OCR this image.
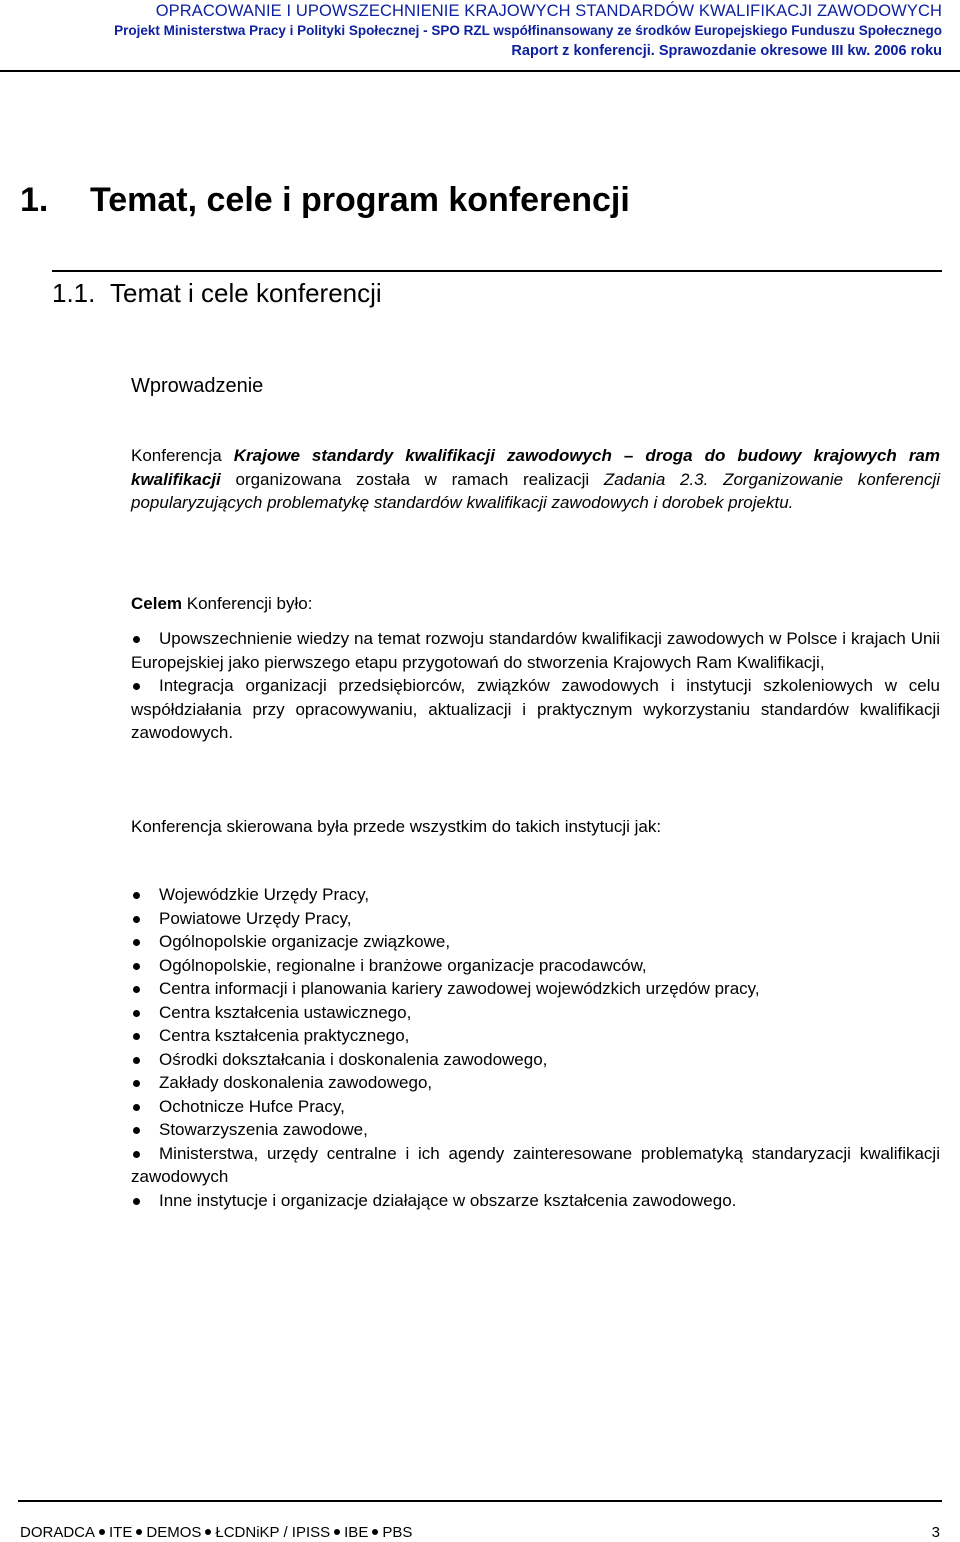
OPRACOWANIE I UPOWSZECHNIENIE KRAJOWYCH STANDARDÓW KWALIFIKACJI ZAWODOWYCH
Projekt Ministerstwa Pracy i Polityki Społecznej - SPO RZL współfinansowany ze środków Europejskiego Funduszu Społecznego
Raport z konferencji. Sprawozdanie okresowe III kw. 2006 roku
1. Temat, cele i program konferencji
1.1. Temat i cele konferencji
Wprowadzenie

Konferencja Krajowe standardy kwalifikacji zawodowych – droga do budowy krajowych ram kwalifikacji organizowana została w ramach realizacji Zadania 2.3. Zorganizowanie konferencji popularyzujących problematykę standardów kwalifikacji zawodowych i dorobek projektu.

Celem Konferencji było:

Upowszechnienie wiedzy na temat rozwoju standardów kwalifikacji zawodowych w Polsce i krajach Unii Europejskiej jako pierwszego etapu przygotowań do stworzenia Krajowych Ram Kwalifikacji,
Integracja organizacji przedsiębiorców, związków zawodowych i instytucji szkoleniowych w celu współdziałania przy opracowywaniu, aktualizacji i praktycznym wykorzystaniu standardów kwalifikacji zawodowych.

Konferencja skierowana była przede wszystkim do takich instytucji jak:

Wojewódzkie Urzędy Pracy,
Powiatowe Urzędy Pracy,
Ogólnopolskie organizacje związkowe,
Ogólnopolskie, regionalne i branżowe organizacje pracodawców,
Centra informacji i planowania kariery zawodowej wojewódzkich urzędów pracy,
Centra kształcenia ustawicznego,
Centra kształcenia praktycznego,
Ośrodki dokształcania i doskonalenia zawodowego,
Zakłady doskonalenia zawodowego,
Ochotnicze Hufce Pracy,
Stowarzyszenia zawodowe,
Ministerstwa, urzędy centralne i ich agendy zainteresowane problematyką standaryzacji kwalifikacji zawodowych
Inne instytucje i organizacje działające w obszarze kształcenia zawodowego.
DORADCA ITE DEMOS ŁCDNiKP / IPISS IBE PBS	3
